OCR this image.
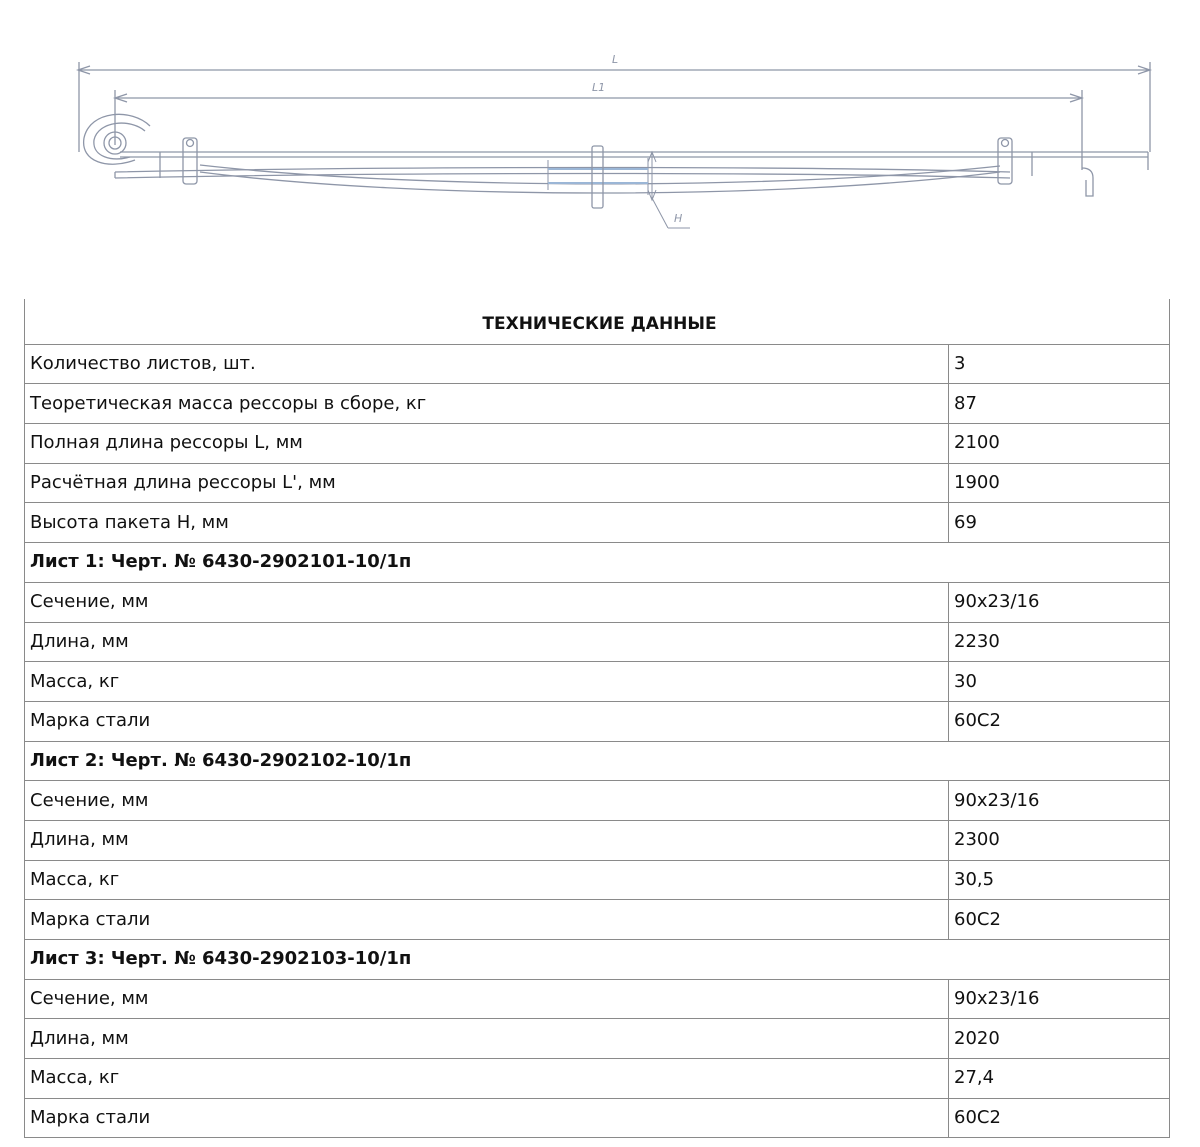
L
L1
H
ТЕХНИЧЕСКИЕ ДАННЫЕ	
Количество листов, шт.	3
Теоретическая масса рессоры в сборе, кг	87
Полная длина рессоры L, мм	2100
Расчётная длина рессоры L', мм	1900
Высота пакета H, мм	69
Лист 1: Черт. № 6430-2902101-10/1п	
Сечение, мм	90x23/16
Длина, мм	2230
Масса, кг	30
Марка стали	60С2
Лист 2: Черт. № 6430-2902102-10/1п	
Сечение, мм	90x23/16
Длина, мм	2300
Масса, кг	30,5
Марка стали	60С2
Лист 3: Черт. № 6430-2902103-10/1п	
Сечение, мм	90x23/16
Длина, мм	2020
Масса, кг	27,4
Марка стали	60С2
